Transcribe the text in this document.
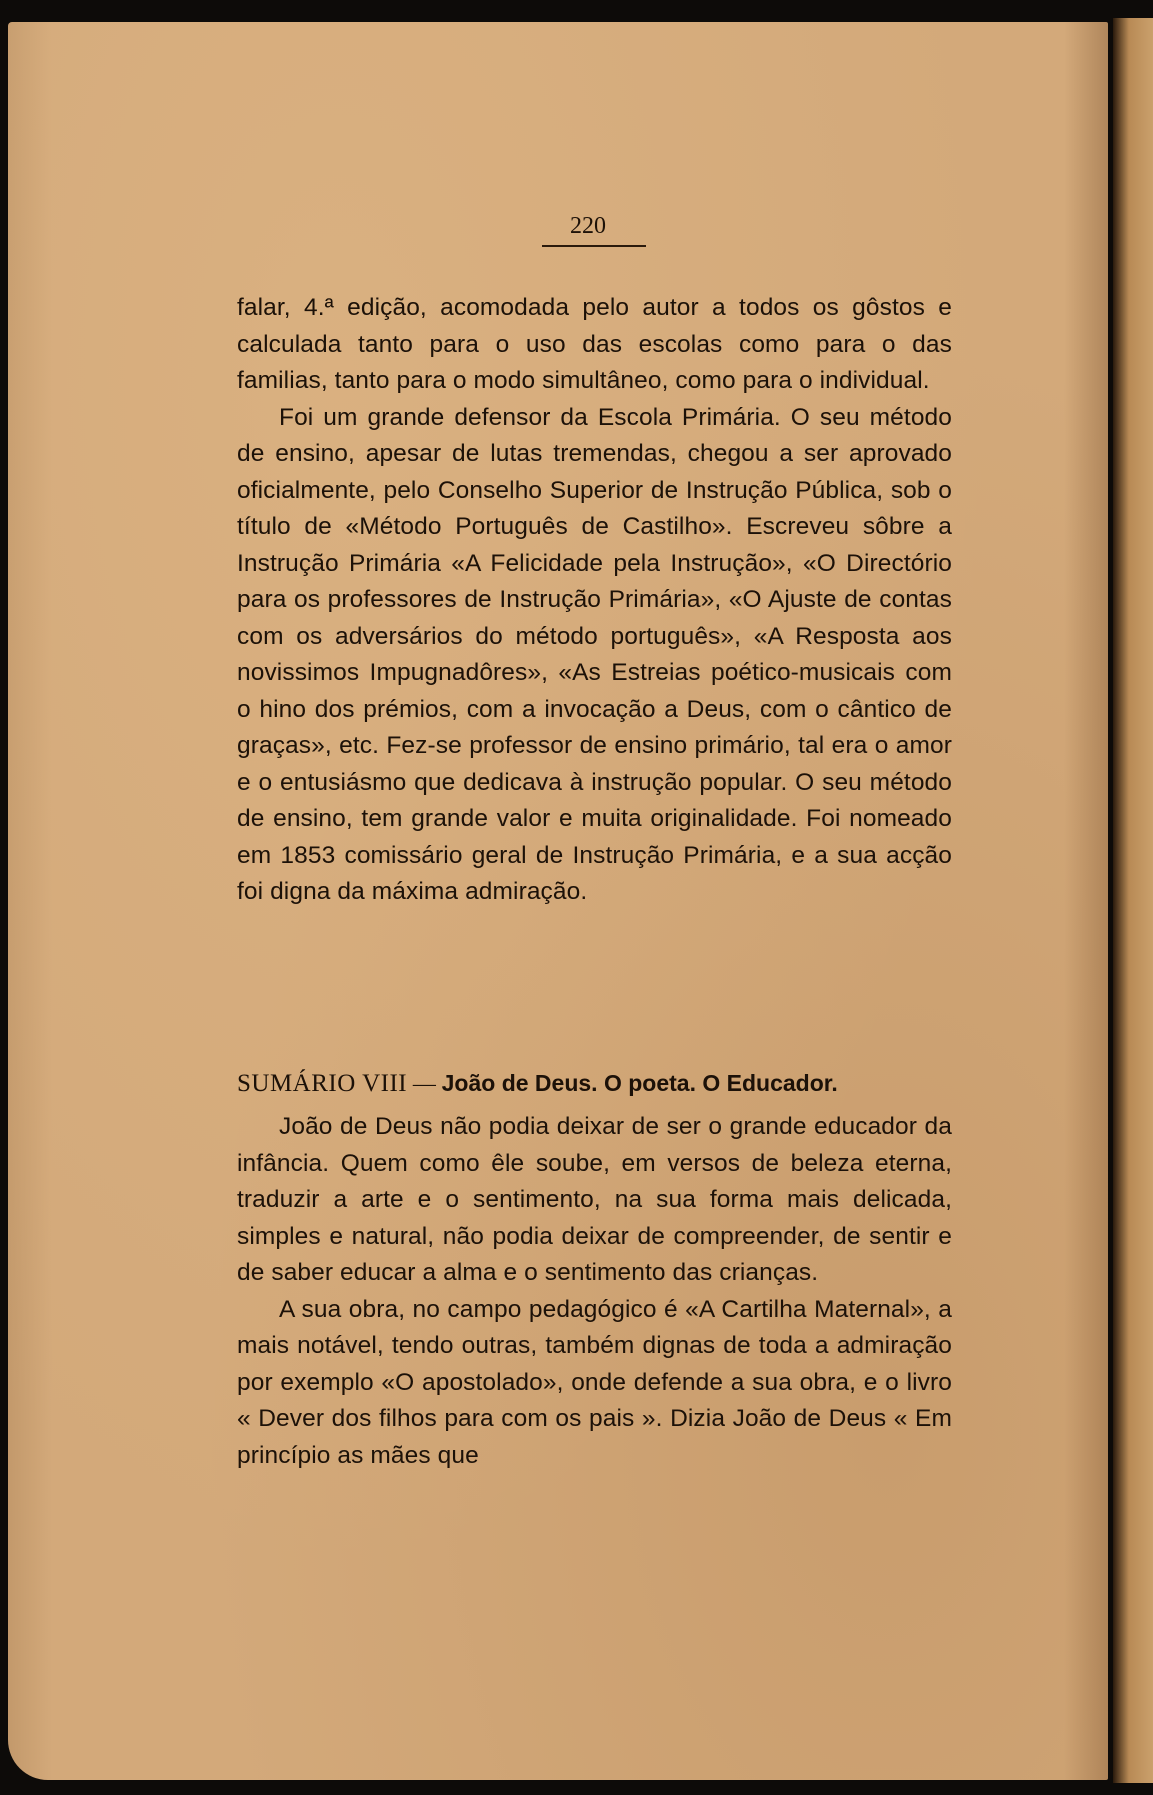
220

falar, 4.ª edição, acomodada pelo autor a todos os gôstos e calculada tanto para o uso das escolas como para o das familias, tanto para o modo simultâneo, como para o individual.

Foi um grande defensor da Escola Primária. O seu método de ensino, apesar de lutas tremendas, chegou a ser aprovado oficialmente, pelo Conselho Superior de Instrução Pública, sob o título de «Método Português de Castilho». Escreveu sôbre a Instrução Primária «A Felicidade pela Instrução», «O Directório para os professores de Instrução Primária», «O Ajuste de contas com os adversários do método português», «A Resposta aos novissimos Impugnadôres», «As Estreias poético-musicais com o hino dos prémios, com a invocação a Deus, com o cântico de graças», etc. Fez-se professor de ensino primário, tal era o amor e o entusiásmo que dedicava à instrução popular. O seu método de ensino, tem grande valor e muita originalidade. Foi nomeado em 1853 comissário geral de Instrução Primária, e a sua acção foi digna da máxima admiração.

SUMÁRIO VIII — João de Deus. O poeta. O Educador.

João de Deus não podia deixar de ser o grande educador da infância. Quem como êle soube, em versos de beleza eterna, traduzir a arte e o sentimento, na sua forma mais delicada, simples e natural, não podia deixar de compreender, de sentir e de saber educar a alma e o sentimento das crianças.

A sua obra, no campo pedagógico é «A Cartilha Maternal», a mais notável, tendo outras, também dignas de toda a admiração por exemplo «O apostolado», onde defende a sua obra, e o livro « Dever dos filhos para com os pais ». Dizia João de Deus « Em princípio as mães que
